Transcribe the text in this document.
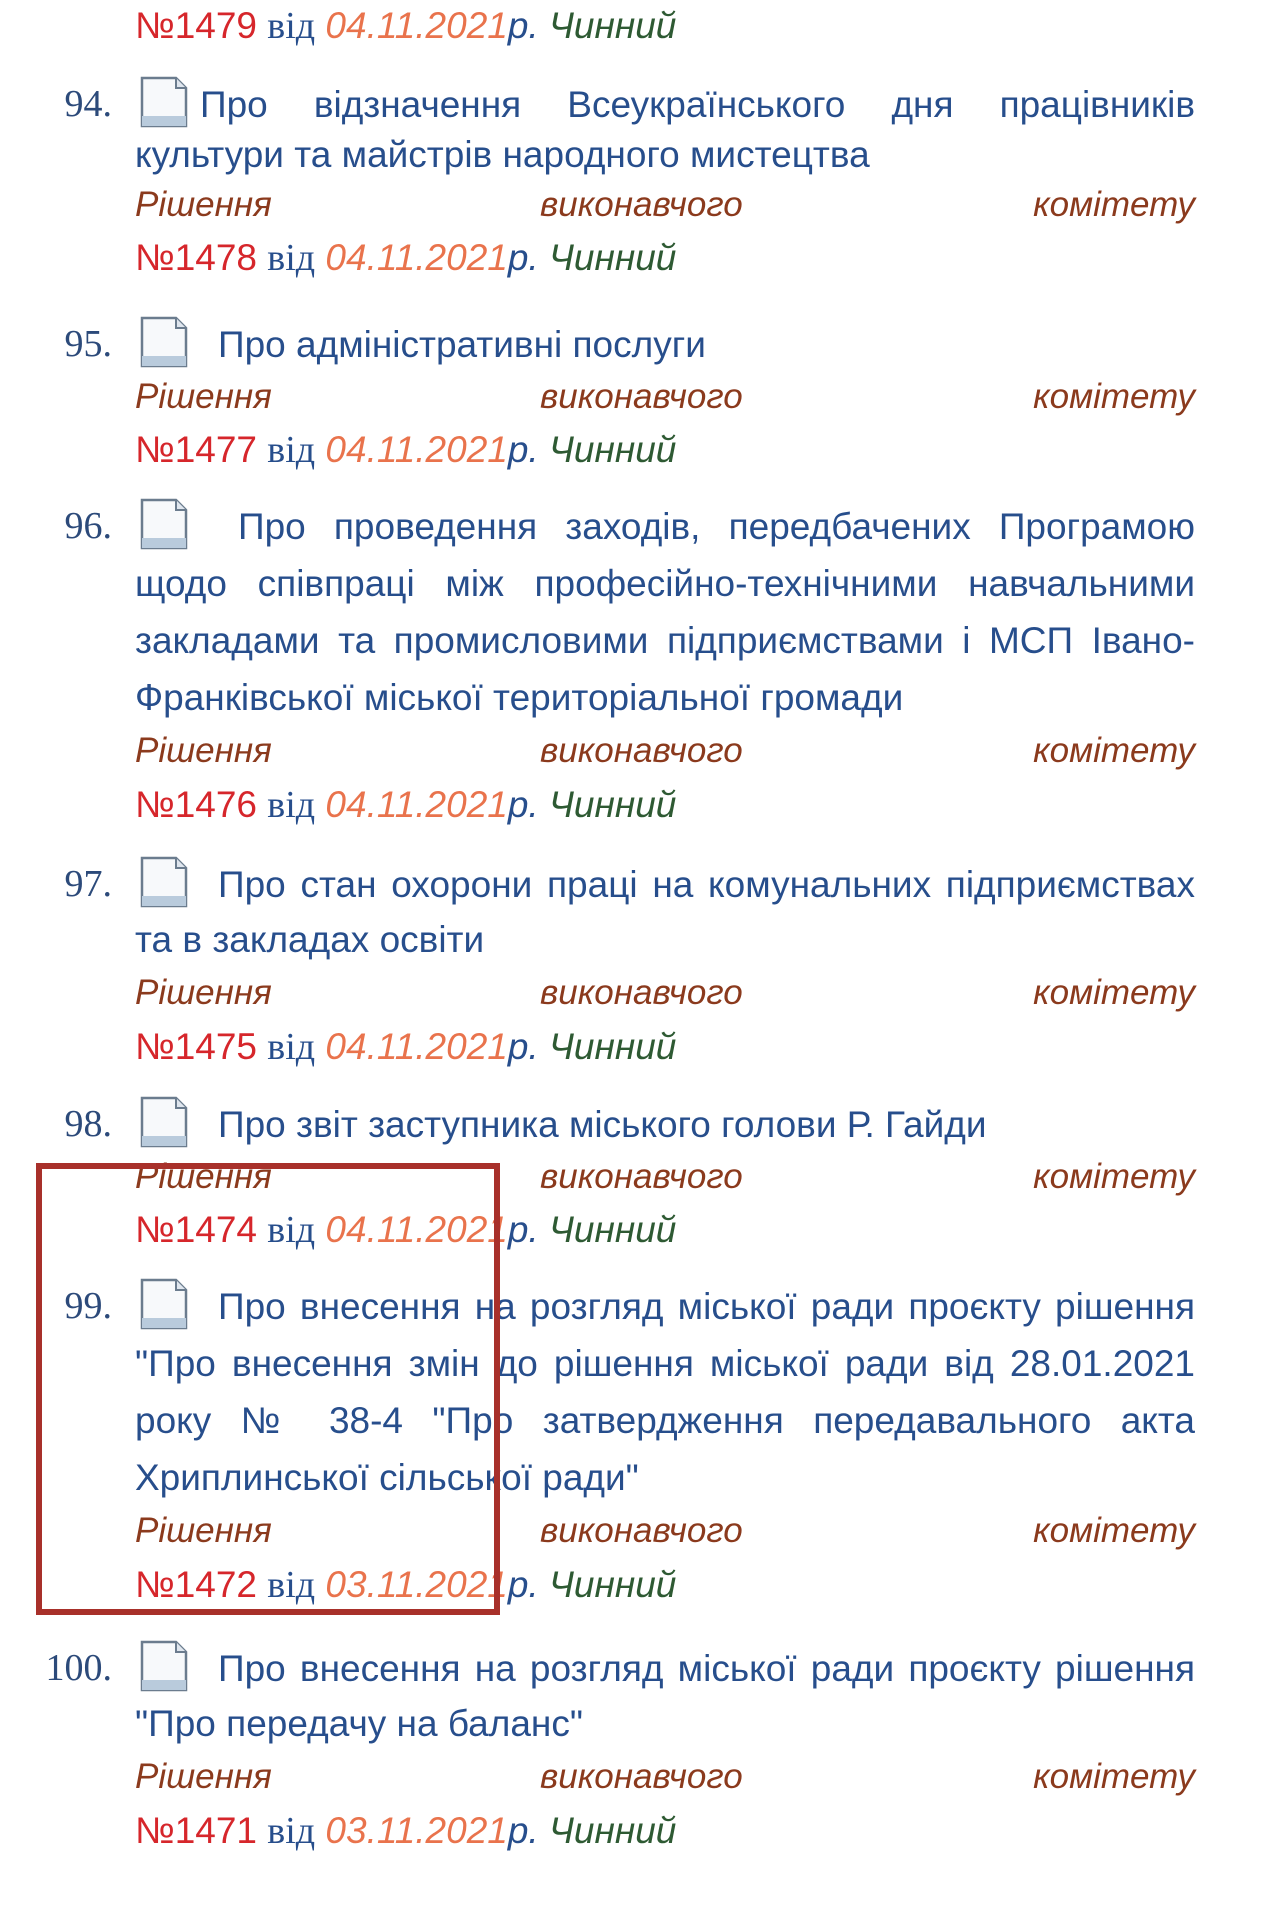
№1479 від 04.11.2021р. Чинний
94. Про відзначення Всеукраїнського дня працівників
культури та майстрів народного мистецтва
Рішення	виконавчого	комітету
№1478 від 04.11.2021р. Чинний
95.	Про адміністративні послуги
Рішення	виконавчого	комітету
№1477 від 04.11.2021р. Чинний
96.	Про проведення заходів, передбачених Програмою
щодо співпраці між професійно-технічними навчальними
закладами та промисловими підприємствами і МСП Івано-
Франківської міської територіальної громади
Рішення	виконавчого	комітету
№1476 від 04.11.2021р. Чинний
97.	Про стан охорони праці на комунальних підприємствах
та в закладах освіти
Рішення	виконавчого	комітету
№1475 від 04.11.2021р. Чинний
98.	Про звіт заступника міського голови Р. Гайди
Рішення	виконавчого	комітету
№1474 від 04.11.2021р. Чинний
99.	Про внесення на розгляд міської ради проєкту рішення
"Про внесення змін до рішення міської ради від 28.01.2021
року № 38-4 "Про затвердження передавального акта
Хриплинської сільської ради"
Рішення	виконавчого	комітету
№1472 від 03.11.2021р. Чинний
100.	Про внесення на розгляд міської ради проєкту рішення
"Про передачу на баланс"
Рішення	виконавчого	комітету
№1471 від 03.11.2021р. Чинний
